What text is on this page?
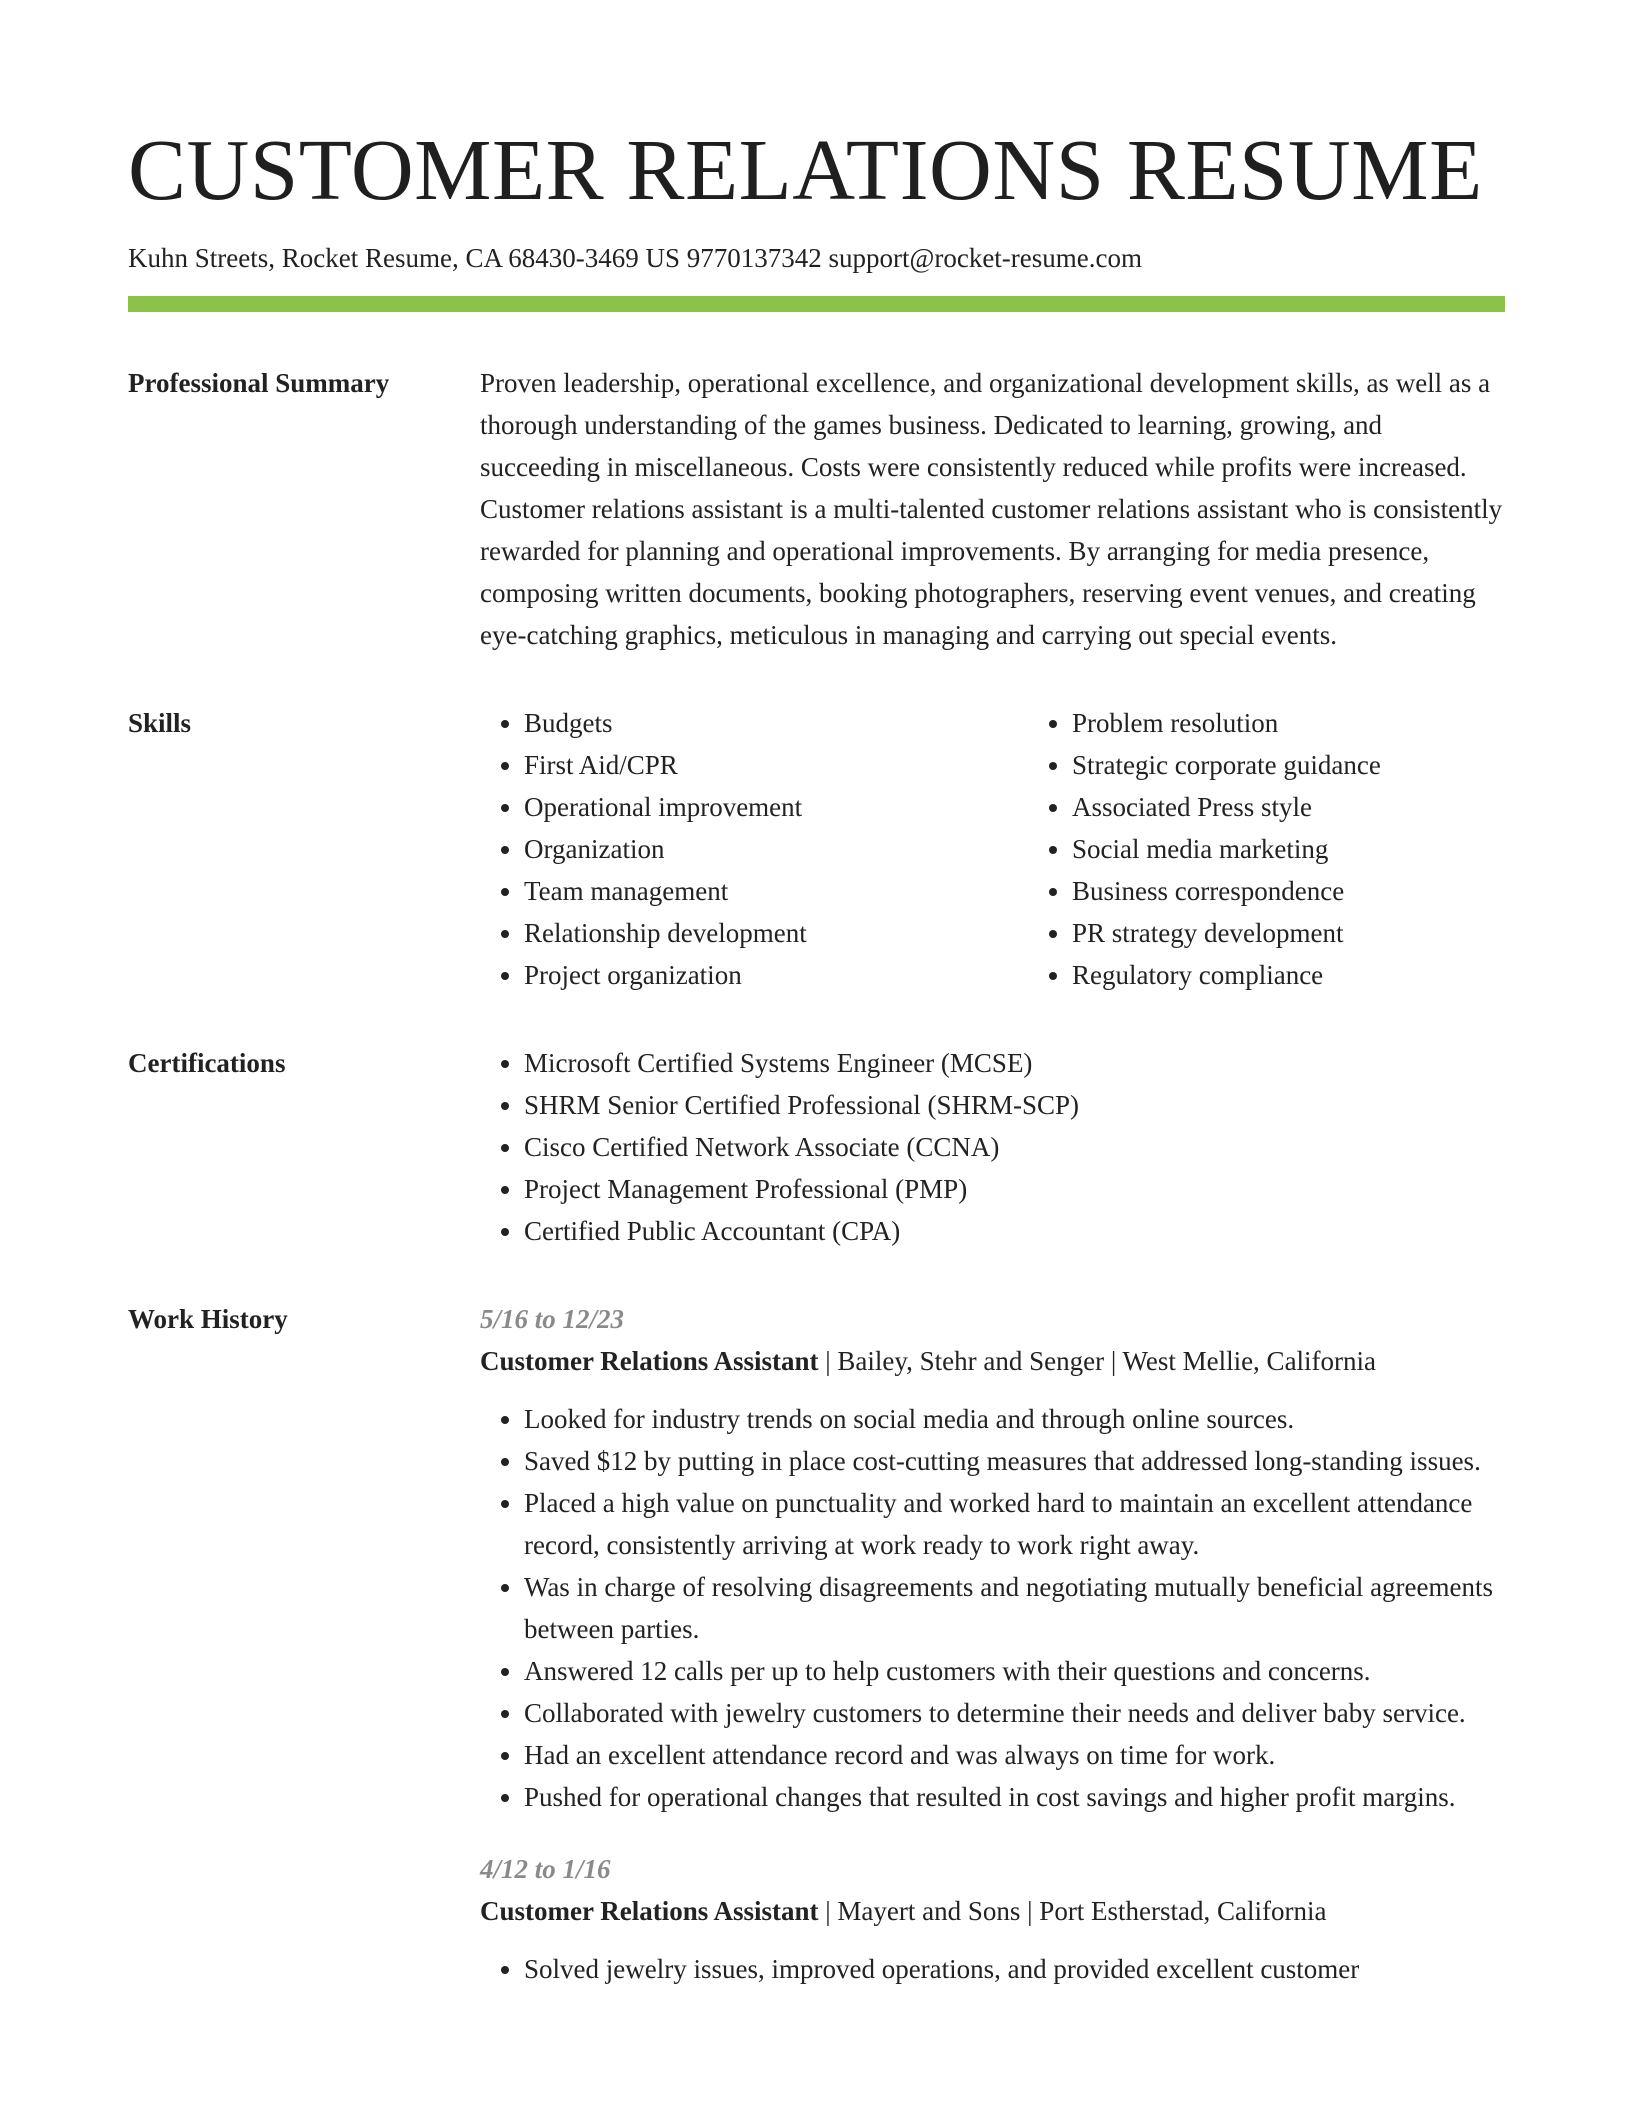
CUSTOMER RELATIONS RESUME
Kuhn Streets, Rocket Resume, CA 68430-3469 US 9770137342 support@rocket-resume.com
Professional Summary	Proven leadership, operational excellence, and organizational development skills, as well as a thorough understanding of the games business. Dedicated to learning, growing, and succeeding in miscellaneous. Costs were consistently reduced while profits were increased. Customer relations assistant is a multi-talented customer relations assistant who is consistently rewarded for planning and operational improvements. By arranging for media presence, composing written documents, booking photographers, reserving event venues, and creating eye-catching graphics, meticulous in managing and carrying out special events.

Skills	• Budgets
• First Aid/CPR
• Operational improvement
• Organization
• Team management
• Relationship development
• Project organization
• Problem resolution
• Strategic corporate guidance
• Associated Press style
• Social media marketing
• Business correspondence
• PR strategy development
• Regulatory compliance
Certifications	• Microsoft Certified Systems Engineer (MCSE)
• SHRM Senior Certified Professional (SHRM-SCP)
• Cisco Certified Network Associate (CCNA)
• Project Management Professional (PMP)
• Certified Public Accountant (CPA)
Work History	5/16 to 12/23
Customer Relations Assistant | Bailey, Stehr and Senger | West Mellie, California
• Looked for industry trends on social media and through online sources.
• Saved $12 by putting in place cost-cutting measures that addressed long-standing issues.
• Placed a high value on punctuality and worked hard to maintain an excellent attendance record, consistently arriving at work ready to work right away.
• Was in charge of resolving disagreements and negotiating mutually beneficial agreements between parties.
• Answered 12 calls per up to help customers with their questions and concerns.
• Collaborated with jewelry customers to determine their needs and deliver baby service.
• Had an excellent attendance record and was always on time for work.
• Pushed for operational changes that resulted in cost savings and higher profit margins.
4/12 to 1/16
Customer Relations Assistant | Mayert and Sons | Port Estherstad, California
• Solved jewelry issues, improved operations, and provided excellent customer
